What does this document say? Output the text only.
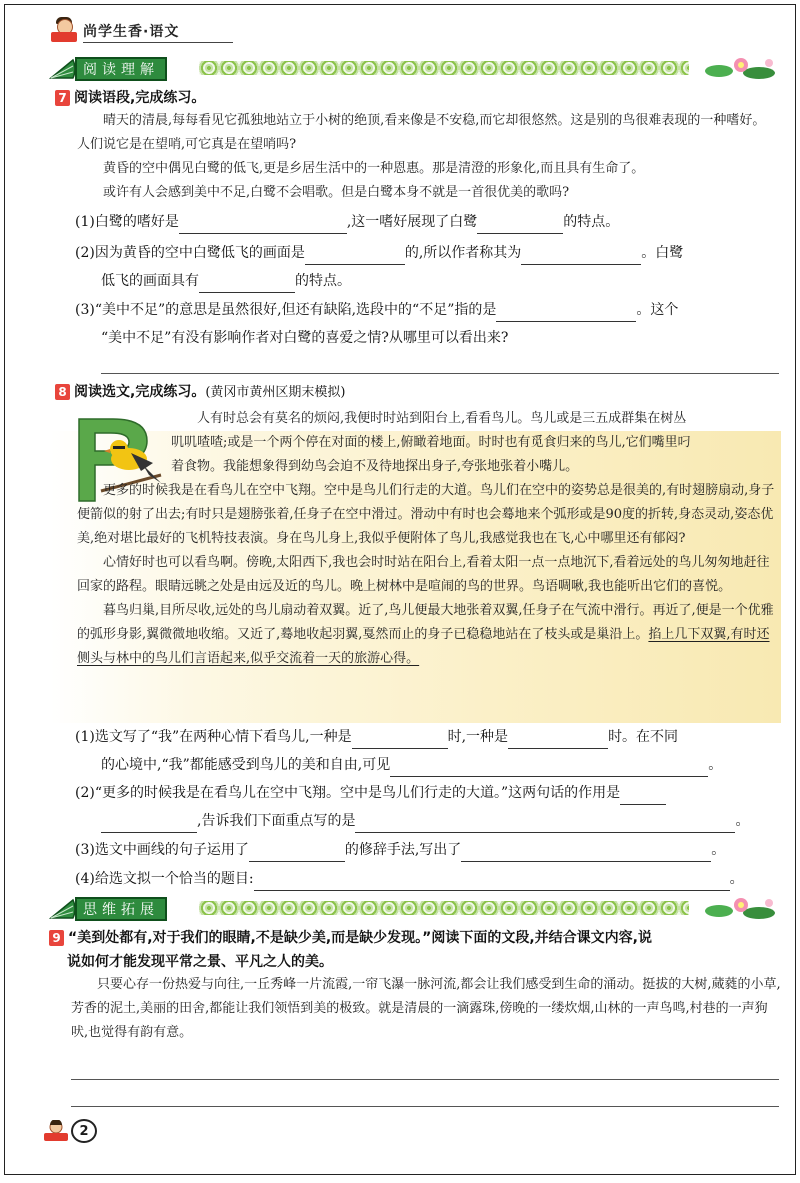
尚学生香·语文
阅读理解
7 阅读语段,完成练习。

晴天的清晨,每每看见它孤独地站立于小树的绝顶,看来像是不安稳,而它却很悠然。这是别的鸟很难表现的一种嗜好。人们说它是在望哨,可它真是在望哨吗?

黄昏的空中偶见白鹭的低飞,更是乡居生活中的一种恩惠。那是清澄的形象化,而且具有生命了。

或许有人会感到美中不足,白鹭不会唱歌。但是白鹭本身不就是一首很优美的歌吗?

(1)白鹭的嗜好是	,这一嗜好展现了白鹭	的特点。
(2)因为黄昏的空中白鹭低飞的画面是	的,所以作者称其为	。白鹭
低飞的画面具有	的特点。
(3)“美中不足”的意思是虽然很好,但还有缺陷,选段中的“不足”指的是	。这个
“美中不足”有没有影响作者对白鹭的喜爱之情?从哪里可以看出来?
8 阅读选文,完成练习。(黄冈市黄州区期末模拟)
人有时总会有莫名的烦闷,我便时时站到阳台上,看看鸟儿。鸟儿或是三五成群集在树丛
叽叽喳喳;或是一个两个停在对面的楼上,俯瞰着地面。时时也有觅食归来的鸟儿,它们嘴里叼
着食物。我能想象得到幼鸟会迫不及待地探出身子,夸张地张着小嘴儿。

更多的时候我是在看鸟儿在空中飞翔。空中是鸟儿们行走的大道。鸟儿们在空中的姿势总是很美的,有时翅膀扇动,身子便箭似的射了出去;有时只是翅膀张着,任身子在空中滑过。滑动中有时也会蓦地来个弧形或是90度的折转,身态灵动,姿态优美,绝对堪比最好的飞机特技表演。身在鸟儿身上,我似乎便附体了鸟儿,我感觉我也在飞,心中哪里还有郁闷?

心情好时也可以看鸟啊。傍晚,太阳西下,我也会时时站在阳台上,看着太阳一点一点地沉下,看着远处的鸟儿匆匆地赶往回家的路程。眼睛远眺之处是由远及近的鸟儿。晚上树林中是喧闹的鸟的世界。鸟语啁啾,我也能听出它们的喜悦。

暮鸟归巢,目所尽收,远处的鸟儿扇动着双翼。近了,鸟儿便最大地张着双翼,任身子在气流中滑行。再近了,便是一个优雅的弧形身影,翼微微地收缩。又近了,蓦地收起羽翼,戛然而止的身子已稳稳地站在了枝头或是巢沿上。掐上几下双翼,有时还侧头与林中的鸟儿们言语起来,似乎交流着一天的旅游心得。

(1)选文写了“我”在两种心情下看鸟儿,一种是	时,一种是	时。在不同
的心境中,“我”都能感受到鸟儿的美和自由,可见	。
(2)“更多的时候我是在看鸟儿在空中飞翔。空中是鸟儿们行走的大道。”这两句话的作用是
,告诉我们下面重点写的是	。
(3)选文中画线的句子运用了	的修辞手法,写出了	。
(4)给选文拟一个恰当的题目:	。
思维拓展
9 “美到处都有,对于我们的眼睛,不是缺少美,而是缺少发现。”阅读下面的文段,并结合课文内容,说
说如何才能发现平常之景、平凡之人的美。

只要心存一份热爱与向往,一丘秀峰一片流霞,一帘飞瀑一脉河流,都会让我们感受到生命的涌动。挺拔的大树,蒇蕤的小草,芳香的泥土,美丽的田舍,都能让我们领悟到美的极致。就是清晨的一滴露珠,傍晚的一缕炊烟,山林的一声鸟鸣,村巷的一声狗吠,也觉得有韵有意。

2
